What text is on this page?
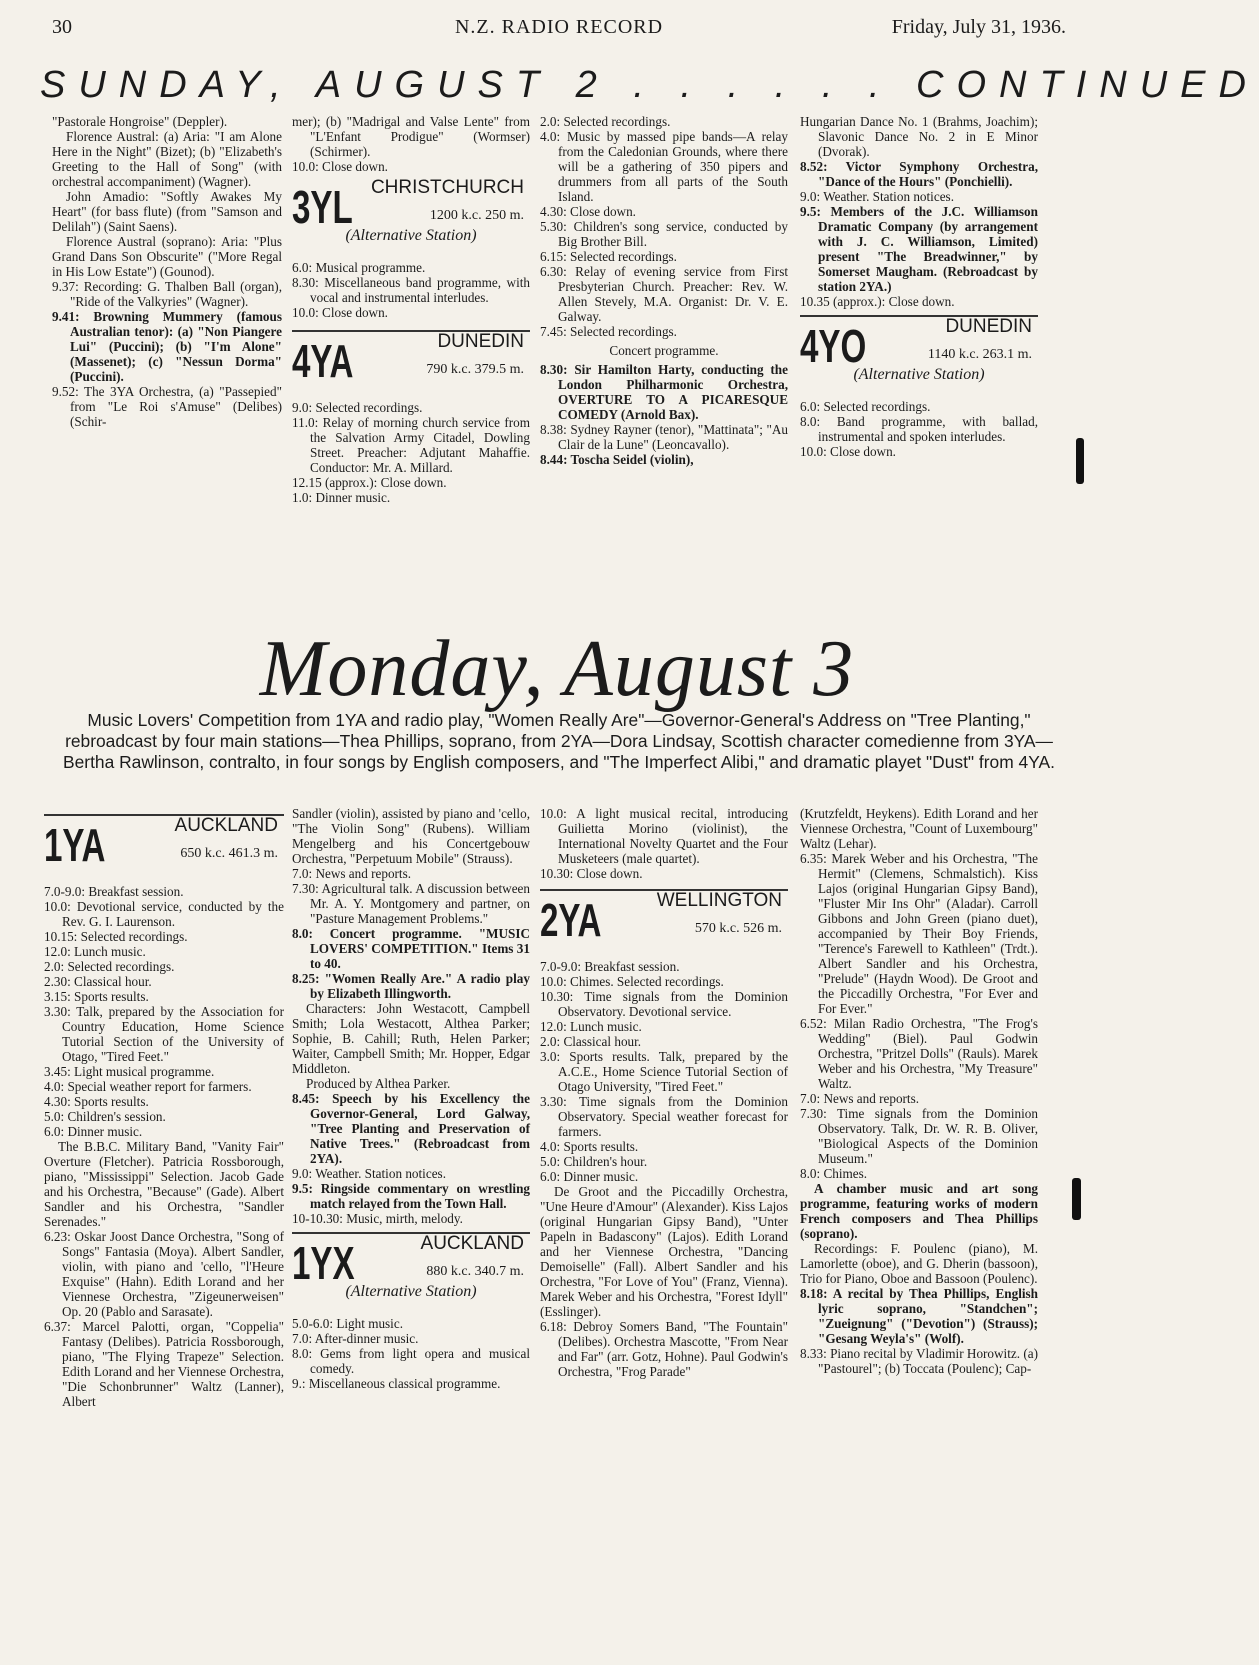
30	N.Z. RADIO RECORD	Friday, July 31, 1936.
SUNDAY, AUGUST 2 . . . . . . CONTINUED

"Pastorale Hongroise" (Deppler).

Florence Austral: (a) Aria: "I am Alone Here in the Night" (Bizet); (b) "Elizabeth's Greeting to the Hall of Song" (with orchestral accompaniment) (Wagner).

John Amadio: "Softly Awakes My Heart" (for bass flute) (from "Samson and Delilah") (Saint Saens).

Florence Austral (soprano): Aria: "Plus Grand Dans Son Obscurite" ("More Regal in His Low Estate") (Gounod).

9.37: Recording: G. Thalben Ball (organ), "Ride of the Valkyries" (Wagner).

9.41: Browning Mummery (famous Australian tenor): (a) "Non Piangere Lui" (Puccini); (b) "I'm Alone" (Massenet); (c) "Nessun Dorma" (Puccini).

9.52: The 3YA Orchestra, (a) "Passepied" from "Le Roi s'Amuse" (Delibes) (Schir-

mer); (b) "Madrigal and Valse Lente" from "L'Enfant Prodigue" (Wormser) (Schirmer).

10.0: Close down.

3YL CHRISTCHURCH
1200 k.c. 250 m.
(Alternative Station)

6.0: Musical programme.

8.30: Miscellaneous band programme, with vocal and instrumental interludes.

10.0: Close down.

4YA	DUNEDIN
790 k.c. 379.5 m.

9.0: Selected recordings.

11.0: Relay of morning church service from the Salvation Army Citadel, Dowling Street. Preacher: Adjutant Mahaffie. Conductor: Mr. A. Millard.

12.15 (approx.): Close down.

1.0: Dinner music.

2.0: Selected recordings.

4.0: Music by massed pipe bands—A relay from the Caledonian Grounds, where there will be a gathering of 350 pipers and drummers from all parts of the South Island.

4.30: Close down.

5.30: Children's song service, conducted by Big Brother Bill.

6.15: Selected recordings.

6.30: Relay of evening service from First Presbyterian Church. Preacher: Rev. W. Allen Stevely, M.A. Organist: Dr. V. E. Galway.

7.45: Selected recordings.

Concert programme.

8.30: Sir Hamilton Harty, conducting the London Philharmonic Orchestra, OVERTURE TO A PICARESQUE COMEDY (Arnold Bax).

8.38: Sydney Rayner (tenor), "Mattinata"; "Au Clair de la Lune" (Leoncavallo).

8.44: Toscha Seidel (violin),

Hungarian Dance No. 1 (Brahms, Joachim); Slavonic Dance No. 2 in E Minor (Dvorak).

8.52: Victor Symphony Orchestra, "Dance of the Hours" (Ponchielli).

9.0: Weather. Station notices.

9.5: Members of the J.C. Williamson Dramatic Company (by arrangement with J. C. Williamson, Limited) present "The Breadwinner," by Somerset Maugham. (Rebroadcast by station 2YA.)

10.35 (approx.): Close down.

4YO	DUNEDIN
1140 k.c. 263.1 m.
(Alternative Station)

6.0: Selected recordings.

8.0: Band programme, with ballad, instrumental and spoken interludes.

10.0: Close down.

Monday, August 3
Music Lovers' Competition from 1YA and radio play, "Women Really Are"—Governor-General's Address on "Tree Planting," rebroadcast by four main stations—Thea Phillips, soprano, from 2YA—Dora Lindsay, Scottish character comedienne from 3YA—Bertha Rawlinson, contralto, in four songs by English composers, and "The Imperfect Alibi," and dramatic playet "Dust" from 4YA.
1YA	AUCKLAND
650 k.c. 461.3 m.

7.0-9.0: Breakfast session.

10.0: Devotional service, conducted by the Rev. G. I. Laurenson.

10.15: Selected recordings.

12.0: Lunch music.

2.0: Selected recordings.

2.30: Classical hour.

3.15: Sports results.

3.30: Talk, prepared by the Association for Country Education, Home Science Tutorial Section of the University of Otago, "Tired Feet."

3.45: Light musical programme.

4.0: Special weather report for farmers.

4.30: Sports results.

5.0: Children's session.

6.0: Dinner music.

The B.B.C. Military Band, "Vanity Fair" Overture (Fletcher). Patricia Rossborough, piano, "Mississippi" Selection. Jacob Gade and his Orchestra, "Because" (Gade). Albert Sandler and his Orchestra, "Sandler Serenades."

6.23: Oskar Joost Dance Orchestra, "Song of Songs" Fantasia (Moya). Albert Sandler, violin, with piano and 'cello, "l'Heure Exquise" (Hahn). Edith Lorand and her Viennese Orchestra, "Zigeunerweisen" Op. 20 (Pablo and Sarasate).

6.37: Marcel Palotti, organ, "Coppelia" Fantasy (Delibes). Patricia Rossborough, piano, "The Flying Trapeze" Selection. Edith Lorand and her Viennese Orchestra, "Die Schonbrunner" Waltz (Lanner), Albert

Sandler (violin), assisted by piano and 'cello, "The Violin Song" (Rubens). William Mengelberg and his Concertgebouw Orchestra, "Perpetuum Mobile" (Strauss).

7.0: News and reports.

7.30: Agricultural talk. A discussion between Mr. A. Y. Montgomery and partner, on "Pasture Management Problems."

8.0: Concert programme. "MUSIC LOVERS' COMPETITION." Items 31 to 40.

8.25: "Women Really Are." A radio play by Elizabeth Illingworth.

Characters: John Westacott, Campbell Smith; Lola Westacott, Althea Parker; Sophie, B. Cahill; Ruth, Helen Parker; Waiter, Campbell Smith; Mr. Hopper, Edgar Middleton.

Produced by Althea Parker.

8.45: Speech by his Excellency the Governor-General, Lord Galway, "Tree Planting and Preservation of Native Trees." (Rebroadcast from 2YA).

9.0: Weather. Station notices.

9.5: Ringside commentary on wrestling match relayed from the Town Hall.

10-10.30: Music, mirth, melody.

1YX	AUCKLAND
880 k.c. 340.7 m.
(Alternative Station)

5.0-6.0: Light music.

7.0: After-dinner music.

8.0: Gems from light opera and musical comedy.

9.: Miscellaneous classical programme.

10.0: A light musical recital, introducing Guilietta Morino (violinist), the International Novelty Quartet and the Four Musketeers (male quartet).

10.30: Close down.

2YA	WELLINGTON
570 k.c. 526 m.

7.0-9.0: Breakfast session.

10.0: Chimes. Selected recordings.

10.30: Time signals from the Dominion Observatory. Devotional service.

12.0: Lunch music.

2.0: Classical hour.

3.0: Sports results. Talk, prepared by the A.C.E., Home Science Tutorial Section of Otago University, "Tired Feet."

3.30: Time signals from the Dominion Observatory. Special weather forecast for farmers.

4.0: Sports results.

5.0: Children's hour.

6.0: Dinner music.

De Groot and the Piccadilly Orchestra, "Une Heure d'Amour" (Alexander). Kiss Lajos (original Hungarian Gipsy Band), "Unter Papeln in Badascony" (Lajos). Edith Lorand and her Viennese Orchestra, "Dancing Demoiselle" (Fall). Albert Sandler and his Orchestra, "For Love of You" (Franz, Vienna). Marek Weber and his Orchestra, "Forest Idyll" (Esslinger).

6.18: Debroy Somers Band, "The Fountain" (Delibes). Orchestra Mascotte, "From Near and Far" (arr. Gotz, Hohne). Paul Godwin's Orchestra, "Frog Parade"

(Krutzfeldt, Heykens). Edith Lorand and her Viennese Orchestra, "Count of Luxembourg" Waltz (Lehar).

6.35: Marek Weber and his Orchestra, "The Hermit" (Clemens, Schmalstich). Kiss Lajos (original Hungarian Gipsy Band), "Fluster Mir Ins Ohr" (Aladar). Carroll Gibbons and John Green (piano duet), accompanied by Their Boy Friends, "Terence's Farewell to Kathleen" (Trdt.). Albert Sandler and his Orchestra, "Prelude" (Haydn Wood). De Groot and the Piccadilly Orchestra, "For Ever and For Ever."

6.52: Milan Radio Orchestra, "The Frog's Wedding" (Biel). Paul Godwin Orchestra, "Pritzel Dolls" (Rauls). Marek Weber and his Orchestra, "My Treasure" Waltz.

7.0: News and reports.

7.30: Time signals from the Dominion Observatory. Talk, Dr. W. R. B. Oliver, "Biological Aspects of the Dominion Museum."

8.0: Chimes.

A chamber music and art song programme, featuring works of modern French composers and Thea Phillips (soprano).

Recordings: F. Poulenc (piano), M. Lamorlette (oboe), and G. Dherin (bassoon), Trio for Piano, Oboe and Bassoon (Poulenc).

8.18: A recital by Thea Phillips, English lyric soprano, "Standchen"; "Zueignung" ("Devotion") (Strauss); "Gesang Weyla's" (Wolf).

8.33: Piano recital by Vladimir Horowitz. (a) "Pastourel"; (b) Toccata (Poulenc); Cap-
